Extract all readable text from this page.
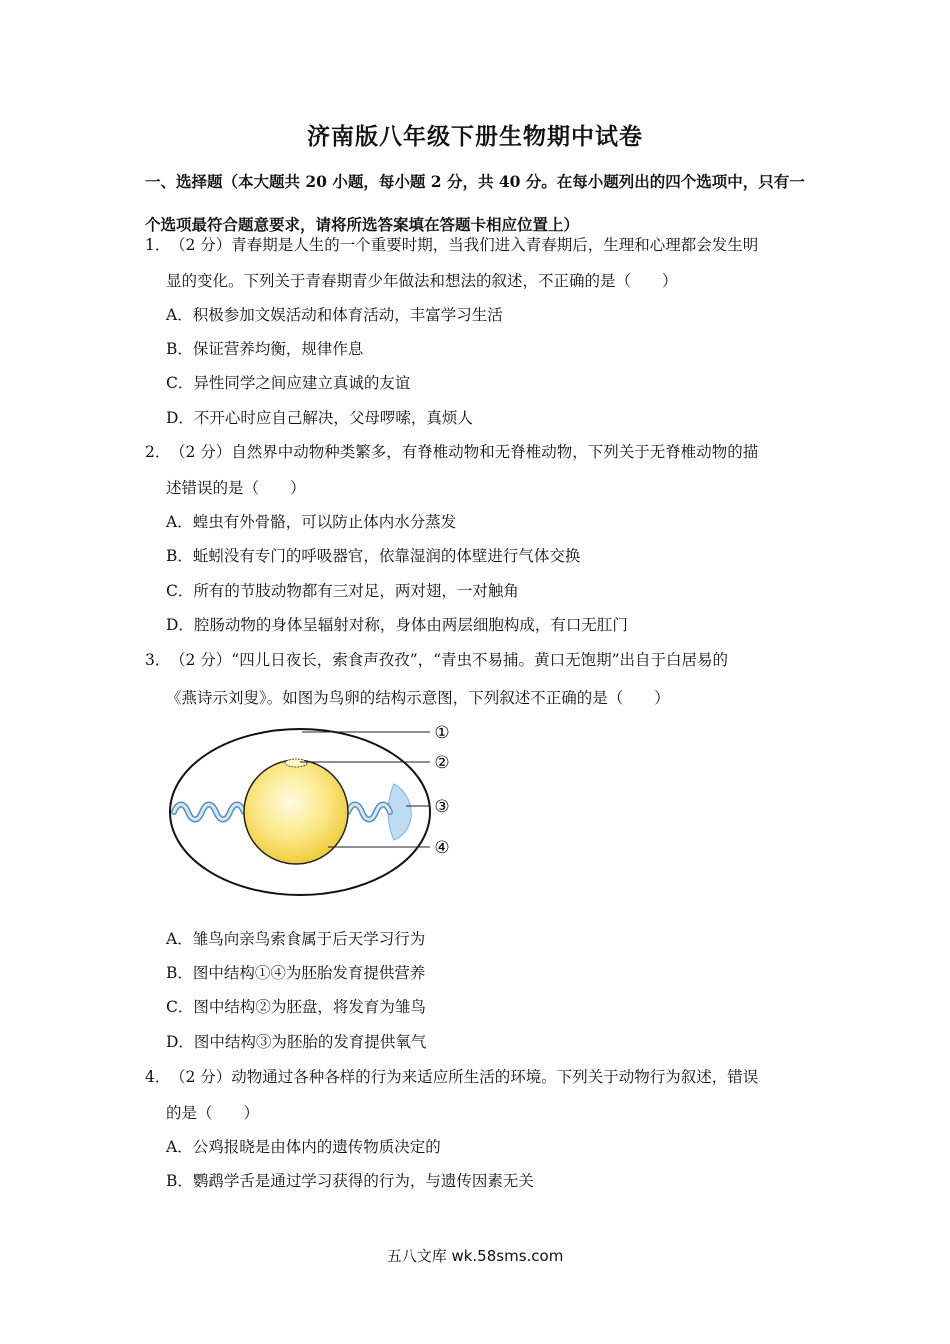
济南版八年级下册生物期中试卷
一、选择题（本大题共 20 小题，每小题 2 分，共 40 分。在每小题列出的四个选项中，只有一个选项最符合题意要求，请将所选答案填在答题卡相应位置上）
1． （2 分）青春期是人生的一个重要时期，当我们进入青春期后，生理和心理都会发生明
显的变化。下列关于青春期青少年做法和想法的叙述，不正确的是（　　）
A．积极参加文娱活动和体育活动，丰富学习生活
B．保证营养均衡，规律作息
C．异性同学之间应建立真诚的友谊
D．不开心时应自己解决，父母啰嗦，真烦人
2． （2 分）自然界中动物种类繁多，有脊椎动物和无脊椎动物，下列关于无脊椎动物的描
述错误的是（　　）
A．蝗虫有外骨骼，可以防止体内水分蒸发
B．蚯蚓没有专门的呼吸器官，依靠湿润的体壁进行气体交换
C．所有的节肢动物都有三对足，两对翅，一对触角
D．腔肠动物的身体呈辐射对称，身体由两层细胞构成，有口无肛门
3． （2 分）“四儿日夜长，索食声孜孜”，“青虫不易捕。黄口无饱期”出自于白居易的
《燕诗示刘叟》。如图为鸟卵的结构示意图，下列叙述不正确的是（　　）
①
②
③
④
A．雏鸟向亲鸟索食属于后天学习行为
B．图中结构①④为胚胎发育提供营养
C．图中结构②为胚盘，将发育为雏鸟
D．图中结构③为胚胎的发育提供氧气
4． （2 分）动物通过各种各样的行为来适应所生活的环境。下列关于动物行为叙述，错误
的是（　　）
A．公鸡报晓是由体内的遗传物质决定的
B．鹦鹉学舌是通过学习获得的行为，与遗传因素无关
五八文库 wk.58sms.com
